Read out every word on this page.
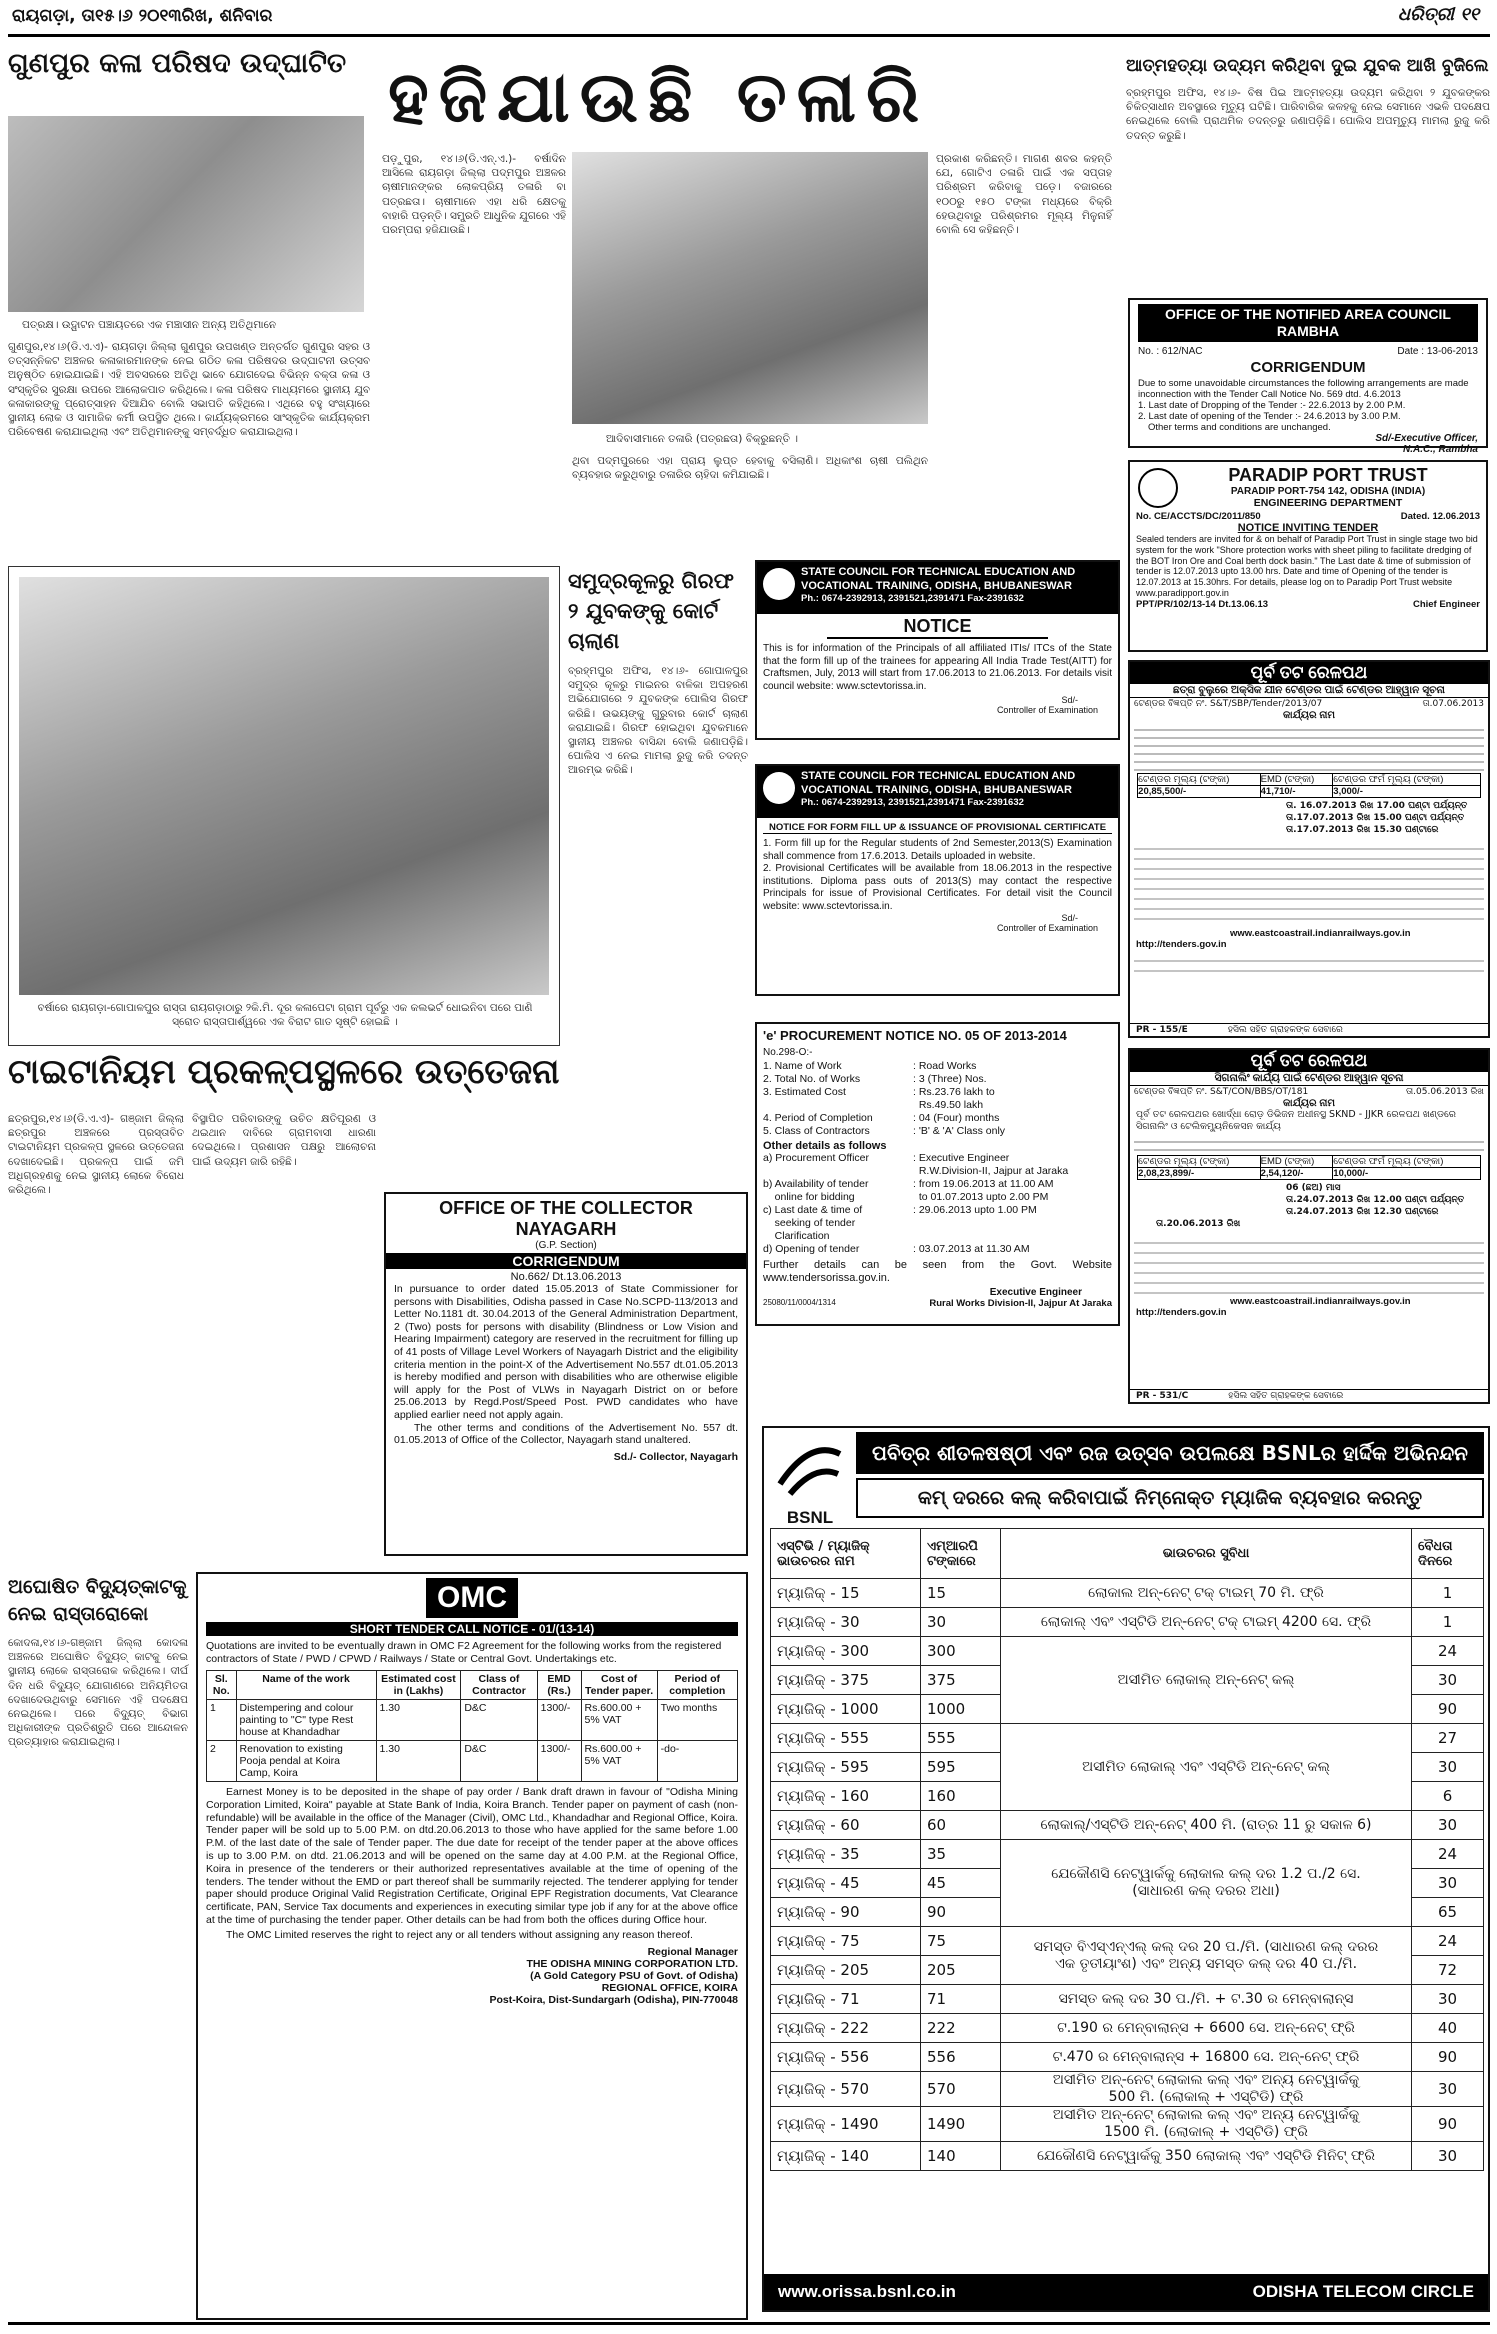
ରାୟଗଡ଼ା, ତା୧୫।୬ ୨୦୧୩ରିଖ, ଶନିବାର	ଧରିତ୍ରୀ ୧୧
ଗୁଣପୁର କଳା ପରିଷଦ ଉଦ୍‌ଘାଟିତ
ପତ୍ରକ୍ଷ। ଉଦ୍ଘାଟନ ପଞ୍ଚାୟତରେ ଏକ ମଞ୍ଚାସୀନ ଅନ୍ୟ ଅତିଥିମାନେ
ଗୁଣପୁର,୧୪।୬(ଡି.ଏ.ଏ)- ରାୟଗଡ଼ା ଜିଲ୍ଲା ଗୁଣପୁର ଉପଖଣ୍ଡ ଅନ୍ତର୍ଗତ ଗୁଣପୁର ସହର ଓ ତତ୍ସନ୍ନିକଟ ଅଞ୍ଚଳର କଳାକାରମାନଙ୍କ ନେଇ ଗଠିତ କଳା ପରିଷଦର ଉଦ୍‌ଘାଟନୀ ଉତ୍ସବ ଅନୁଷ୍ଠିତ ହୋଇଯାଇଛି। ଏହି ଅବସରରେ ଅତିଥି ଭାବେ ଯୋଗଦେଇ ବିଭିନ୍ନ ବକ୍ତା କଳା ଓ ସଂସ୍କୃତିର ସୁରକ୍ଷା ଉପରେ ଆଲୋକପାତ କରିଥିଲେ। କଳା ପରିଷଦ ମାଧ୍ୟମରେ ସ୍ଥାନୀୟ ଯୁବ କଳାକାରଙ୍କୁ ପ୍ରୋତ୍ସାହନ ଦିଆଯିବ ବୋଲି ସଭାପତି କହିଥିଲେ। ଏଥିରେ ବହୁ ସଂଖ୍ୟାରେ ସ୍ଥାନୀୟ ଲୋକ ଓ ସାମାଜିକ କର୍ମୀ ଉପସ୍ଥିତ ଥିଲେ। କାର୍ଯ୍ୟକ୍ରମରେ ସାଂସ୍କୃତିକ କାର୍ଯ୍ୟକ୍ରମ ପରିବେଷଣ କରାଯାଇଥିଲା ଏବଂ ଅତିଥିମାନଙ୍କୁ ସମ୍ବର୍ଦ୍ଧିତ କରାଯାଇଥିଲା।
ହଜିଯାଉଛି ତଳାରି
ପଡ଼ୁପୁର, ୧୪।୬(ଡି.ଏନ୍‌.ଏ.)- ବର୍ଷାଦିନ ଆସିଲେ ରାୟଗଡ଼ା ଜିଲ୍ଲା ପଦ୍ମପୁର ଅଞ୍ଚଳର ଚାଷୀମାନଙ୍କର ଲୋକପ୍ରିୟ ତଳାରି ବା ପତ୍ରଛତା। ଚାଷୀମାନେ ଏହା ଧରି କ୍ଷେତକୁ ବାହାରି ପଡ଼ନ୍ତି। ସମ୍ପ୍ରତି ଆଧୁନିକ ଯୁଗରେ ଏହି ପରମ୍ପରା ହଜିଯାଉଛି।
ଆଦିବାସୀମାନେ ତଳାରି (ପତ୍ରଛତା) ବିକ୍ରୁଛନ୍ତି ।
ପ୍ରକାଶ କରିଛନ୍ତି। ମାଗଣ ଶବର କହନ୍ତି ଯେ, ଗୋଟିଏ ତଳାରି ପାଇଁ ଏକ ସପ୍ତାହ ପରିଶ୍ରମ କରିବାକୁ ପଡ଼େ। ବଜାରରେ ୧୦୦ରୁ ୧୫୦ ଟଙ୍କା ମଧ୍ୟରେ ବିକ୍ରି ହେଉଥିବାରୁ ପରିଶ୍ରମର ମୂଲ୍ୟ ମିଳୁନାହିଁ ବୋଲି ସେ କହିଛନ୍ତି।
ଥିବା ପଦ୍ମପୁରରେ ଏହା ପ୍ରାୟ ଲୁପ୍ତ ହେବାକୁ ବସିଲାଣି। ଅଧିକାଂଶ ଚାଷୀ ପଲିଥିନ ବ୍ୟବହାର କରୁଥିବାରୁ ତଳାରିର ଚାହିଦା କମିଯାଇଛି।
ଆତ୍ମହତ୍ୟା ଉଦ୍ୟମ କରିଥିବା ଦୁଇ ଯୁବକ ଆଖି ବୁଜିଲେ
ବ୍ରହ୍ମପୁର ଅଫିସ, ୧୪।୬- ବିଷ ପିଇ ଆତ୍ମହତ୍ୟା ଉଦ୍ୟମ କରିଥିବା ୨ ଯୁବକଙ୍କର ଚିକିତ୍ସାଧୀନ ଅବସ୍ଥାରେ ମୃତ୍ୟୁ ଘଟିଛି। ପାରିବାରିକ କଳହକୁ ନେଇ ସେମାନେ ଏଭଳି ପଦକ୍ଷେପ ନେଇଥିଲେ ବୋଲି ପ୍ରାଥମିକ ତଦନ୍ତରୁ ଜଣାପଡ଼ିଛି। ପୋଲିସ ଅପମୃତ୍ୟୁ ମାମଲା ରୁଜୁ କରି ତଦନ୍ତ କରୁଛି।
OFFICE OF THE NOTIFIED AREA COUNCIL RAMBHA
No. : 612/NAC	Date : 13-06-2013
CORRIGENDUM
Due to some unavoidable circumstances the following arrangements are made inconnection with the Tender Call Notice No. 569 dtd. 4.6.2013
1. Last date of Dropping of the Tender :- 22.6.2013 by 2.00 P.M.
2. Last date of opening of the Tender :- 24.6.2013 by 3.00 P.M.
Other terms and conditions are unchanged.
Sd/-Executive Officer,
N.A.C., Rambha
PARADIP PORT TRUST
PARADIP PORT-754 142, ODISHA (INDIA)
ENGINEERING DEPARTMENT
No. CE/ACCTS/DC/2011/850	Dated. 12.06.2013
NOTICE INVITING TENDER
Sealed tenders are invited for & on behalf of Paradip Port Trust in single stage two bid system for the work "Shore protection works with sheet piling to facilitate dredging of the BOT Iron Ore and Coal berth dock basin." The Last date & time of submission of tender is 12.07.2013 upto 13.00 hrs. Date and time of Opening of the tender is 12.07.2013 at 15.30hrs. For details, please log on to Paradip Port Trust website www.paradipport.gov.in
PPT/PR/102/13-14 Dt.13.06.13	Chief Engineer
ବର୍ଷାରେ ରାୟଗଡ଼ା-ଗୋପାଳପୁର ରାସ୍ତା ରାୟଗଡ଼ାଠାରୁ ୨କି.ମି. ଦୂର କଳାପେଟା ଗ୍ରାମ ପୂର୍ବରୁ ଏକ କଲଭର୍ଟ ଧୋଇନିବା ପରେ ପାଣି ସ୍ରୋତ ରାସ୍ତାପାର୍ଶ୍ୱରେ ଏକ ବିରାଟ ଗାତ ସୃଷ୍ଟି ହୋଇଛି ।
ସମୁଦ୍ରକୂଳରୁ ଗିରଫ ୨ ଯୁବକଙ୍କୁ କୋର୍ଟ ଚାଲାଣ
ବ୍ରହ୍ମପୁର ଅଫିସ, ୧୪।୬- ଗୋପାଳପୁର ସମୁଦ୍ର କୂଳରୁ ମାଇନର ବାଳିକା ଅପହରଣ ଅଭିଯୋଗରେ ୨ ଯୁବକଙ୍କ ପୋଲିସ ଗିରଫ କରିଛି। ଉଭୟଙ୍କୁ ଗୁରୁବାର କୋର୍ଟ ଚାଲାଣ କରାଯାଇଛି। ଗିରଫ ହୋଇଥିବା ଯୁବକମାନେ ସ୍ଥାନୀୟ ଅଞ୍ଚଳର ବାସିନ୍ଦା ବୋଲି ଜଣାପଡ଼ିଛି। ପୋଲିସ ଏ ନେଇ ମାମଲା ରୁଜୁ କରି ତଦନ୍ତ ଆରମ୍ଭ କରିଛି।
STATE COUNCIL FOR TECHNICAL EDUCATION AND VOCATIONAL TRAINING, ODISHA, BHUBANESWAR
Ph.: 0674-2392913, 2391521,2391471 Fax-2391632
NOTICE
This is for information of the Principals of all affiliated ITIs/ ITCs of the State that the form fill up of the trainees for appearing All India Trade Test(AITT) for Craftsmen, July, 2013 will start from 17.06.2013 to 21.06.2013. For details visit council website: www.sctevtorissa.in.
Sd/-
Controller of Examination
STATE COUNCIL FOR TECHNICAL EDUCATION AND VOCATIONAL TRAINING, ODISHA, BHUBANESWAR
Ph.: 0674-2392913, 2391521,2391471 Fax-2391632
NOTICE FOR FORM FILL UP & ISSUANCE OF PROVISIONAL CERTIFICATE
1. Form fill up for the Regular students of 2nd Semester,2013(S) Examination shall commence from 17.6.2013. Details uploaded in website.
2. Provisional Certificates will be available from 18.06.2013 in the respective institutions. Diploma pass outs of 2013(S) may contact the respective Principals for issue of Provisional Certificates. For detail visit the Council website: www.sctevtorissa.in.
Sd/-
Controller of Examination
'e' PROCUREMENT NOTICE NO. 05 OF 2013-2014
No.298-O:-
1. Name of Work	: Road Works
2. Total No. of Works	: 3 (Three) Nos.
3. Estimated Cost	: Rs.23.76 lakh to
Rs.49.50 lakh
4. Period of Completion	: 04 (Four) months
5. Class of Contractors	: 'B' & 'A' Class only
Other details as follows
a) Procurement Officer	: Executive Engineer
R.W.Division-II, Jajpur at Jaraka
b) Availability of tender	: from 19.06.2013 at 11.00 AM
online for bidding	to 01.07.2013 upto 2.00 PM
c) Last date & time of	: 29.06.2013 upto 1.00 PM
seeking of tender
Clarification
d) Opening of tender	: 03.07.2013 at 11.30 AM
Further details can be seen from the Govt. Website www.tendersorissa.gov.in.
Executive Engineer
25080/11/0004/1314	Rural Works Division-II, Jajpur At Jaraka
ଟାଇଟାନିୟମ ପ୍ରକଳ୍ପସ୍ଥଳରେ ଉତ୍ତେଜନା
ଛତ୍ରପୁର,୧୪।୬(ଡି.ଏ.ଏ)- ଗଞ୍ଜାମ ଜିଲ୍ଲା ଛତ୍ରପୁର ଅଞ୍ଚଳରେ ପ୍ରସ୍ତାବିତ ଟାଇଟାନିୟମ ପ୍ରକଳ୍ପ ସ୍ଥଳରେ ଉତ୍ତେଜନା ଦେଖାଦେଇଛି। ପ୍ରକଳ୍ପ ପାଇଁ ଜମି ଅଧିଗ୍ରହଣକୁ ନେଇ ସ୍ଥାନୀୟ ଲୋକେ ବିରୋଧ କରିଥିଲେ।
ବିସ୍ଥାପିତ ପରିବାରଙ୍କୁ ଉଚିତ କ୍ଷତିପୂରଣ ଓ ଥଇଥାନ ଦାବିରେ ଗ୍ରାମବାସୀ ଧାରଣା ଦେଇଥିଲେ। ପ୍ରଶାସନ ପକ୍ଷରୁ ଆଲୋଚନା ପାଇଁ ଉଦ୍ୟମ ଜାରି ରହିଛି।
OFFICE OF THE COLLECTOR
NAYAGARH
(G.P. Section)
CORRIGENDUM
No.662/ Dt.13.06.2013
In pursuance to order dated 15.05.2013 of State Commissioner for persons with Disabilities, Odisha passed in Case No.SCPD-113/2013 and Letter No.1181 dt. 30.04.2013 of the General Administration Department, 2 (Two) posts for persons with disability (Blindness or Low Vision and Hearing Impairment) category are reserved in the recruitment for filling up of 41 posts of Village Level Workers of Nayagarh District and the eligibility criteria mention in the point-X of the Advertisement No.557 dt.01.05.2013 is hereby modified and person with disabilities who are otherwise eligible will apply for the Post of VLWs in Nayagarh District on or before 25.06.2013 by Regd.Post/Speed Post. PWD candidates who have applied earlier need not apply again.
The other terms and conditions of the Advertisement No. 557 dt. 01.05.2013 of Office of the Collector, Nayagarh stand unaltered.
Sd./- Collector, Nayagarh
ଅଘୋଷିତ ବିଦ୍ୟୁତ୍‌କାଟକୁ ନେଇ ରାସ୍ତାରୋକୋ
କୋଦଳା,୧୪।୬-ଗଞ୍ଜାମ ଜିଲ୍ଲା କୋଦଳା ଅଞ୍ଚଳରେ ଅଘୋଷିତ ବିଦ୍ୟୁତ୍ କାଟକୁ ନେଇ ସ୍ଥାନୀୟ ଲୋକେ ରାସ୍ତାରୋକ କରିଥିଲେ। ଦୀର୍ଘ ଦିନ ଧରି ବିଦ୍ୟୁତ୍ ଯୋଗାଣରେ ଅନିୟମିତତା ଦେଖାଦେଉଥିବାରୁ ସେମାନେ ଏହି ପଦକ୍ଷେପ ନେଇଥିଲେ। ପରେ ବିଦ୍ୟୁତ୍ ବିଭାଗ ଅଧିକାରୀଙ୍କ ପ୍ରତିଶ୍ରୁତି ପରେ ଆନ୍ଦୋଳନ ପ୍ରତ୍ୟାହାର କରାଯାଇଥିଲା।
OMC
SHORT TENDER CALL NOTICE - 01/(13-14)
Quotations are invited to be eventually drawn in OMC F2 Agreement for the following works from the registered contractors of State / PWD / CPWD / Railways / State or Central Govt. Undertakings etc.
Sl. No.	Name of the work	Estimated cost in (Lakhs)	Class of Contractor	EMD (Rs.)	Cost of Tender paper.	Period of completion
1	Distempering and colour painting to "C" type Rest house at Khandadhar	1.30	D&C	1300/-	Rs.600.00 + 5% VAT	Two months
2	Renovation to existing Pooja pendal at Koira Camp, Koira	1.30	D&C	1300/-	Rs.600.00 + 5% VAT	-do-
Earnest Money is to be deposited in the shape of pay order / Bank draft drawn in favour of "Odisha Mining Corporation Limited, Koira" payable at State Bank of India, Koira Branch. Tender paper on payment of cash (non-refundable) will be available in the office of the Manager (Civil), OMC Ltd., Khandadhar and Regional Office, Koira. Tender paper will be sold up to 5.00 P.M. on dtd.20.06.2013 to those who have applied for the same before 1.00 P.M. of the last date of the sale of Tender paper. The due date for receipt of the tender paper at the above offices is up to 3.00 P.M. on dtd. 21.06.2013 and will be opened on the same day at 4.00 P.M. at the Regional Office, Koira in presence of the tenderers or their authorized representatives available at the time of opening of the tenders. The tender without the EMD or part thereof shall be summarily rejected. The tenderer applying for tender paper should produce Original Valid Registration Certificate, Original EPF Registration documents, Vat Clearance certificate, PAN, Service Tax documents and experiences in executing similar type job if any for at the above office at the time of purchasing the tender paper. Other details can be had from both the offices during Office hour.
The OMC Limited reserves the right to reject any or all tenders without assigning any reason thereof.
Regional Manager
THE ODISHA MINING CORPORATION LTD.
(A Gold Category PSU of Govt. of Odisha)
REGIONAL OFFICE, KOIRA
Post-Koira, Dist-Sundargarh (Odisha), PIN-770048
ପୂର୍ବ ତଟ ରେଳପଥ
ଛତ୍ରା ବୁଲୁରେ ଅକ୍ସିକ ଯୀନ ଟେଣ୍ଡର ପାଇଁ ଟେଣ୍ଡର ଆହ୍ୱାନ ସୂଚନା
ଟେଣ୍ଡର ବିଜ୍ଞପ୍ତି ନଂ. S&T/SBP/Tender/2013/07	ତା.07.06.2013
କାର୍ଯ୍ୟର ନାମ
ଟେଣ୍ଡର ମୂଲ୍ୟ (ଟଙ୍କା)	EMD (ଟଙ୍କା)	ଟେଣ୍ଡର ଫର୍ମ ମୂଲ୍ୟ (ଟଙ୍କା)
20,85,500/-	41,710/-	3,000/-
ତା. 16.07.2013 ରିଖ 17.00 ଘଣ୍ଟା ପର୍ଯ୍ୟନ୍ତ
ତା.17.07.2013 ରିଖ 15.00 ଘଣ୍ଟା ପର୍ଯ୍ୟନ୍ତ
ତା.17.07.2013 ରିଖ 15.30 ଘଣ୍ଟାରେ
www.eastcoastrail.indianrailways.gov.in
http://tenders.gov.in
PR - 155/E	ହସିଲ ସହିତ ଗ୍ରାହକଙ୍କ ସେବାରେ
ପୂର୍ବ ତଟ ରେଳପଥ
ସିଗନାଲିଂ କାର୍ଯ୍ୟ ପାଇଁ ଟେଣ୍ଡର ଆହ୍ୱାନ ସୂଚନା
ଟେଣ୍ଡର ବିଜ୍ଞପ୍ତି ନଂ. S&T/CON/BBS/OT/181	ତା.05.06.2013 ରିଖ
କାର୍ଯ୍ୟର ନାମ
ପୂର୍ବ ତଟ ରେଳପଥର ଖୋର୍ଦ୍ଧା ରୋଡ଼ ଡିଭିଜନ ଅଧୀନସ୍ଥ SKND - JJKR ରେଳପଥ ଖଣ୍ଡରେ ସିଗନାଲିଂ ଓ ଟେଲିକମ୍ୟୁନିକେସନ କାର୍ଯ୍ୟ
ଟେଣ୍ଡର ମୂଲ୍ୟ (ଟଙ୍କା)	EMD (ଟଙ୍କା)	ଟେଣ୍ଡର ଫର୍ମ ମୂଲ୍ୟ (ଟଙ୍କା)
2,08,23,899/-	2,54,120/-	10,000/-
06 (ଛଅ) ମାସ
ତା.24.07.2013 ରିଖ 12.00 ଘଣ୍ଟା ପର୍ଯ୍ୟନ୍ତ
ତା.24.07.2013 ରିଖ 12.30 ଘଣ୍ଟାରେ
ତା.20.06.2013 ରିଖ
www.eastcoastrail.indianrailways.gov.in
http://tenders.gov.in
PR - 531/C	ହସିଲ ସହିତ ଗ୍ରାହକଙ୍କ ସେବାରେ
BSNL
ପବିତ୍ର ଶୀତଳଷଷ୍ଠୀ ଏବଂ ରଜ ଉତ୍ସବ ଉପଲକ୍ଷେ BSNLର ହାର୍ଦ୍ଦିକ ଅଭିନନ୍ଦନ
କମ୍ ଦରରେ କଲ୍ କରିବାପାଇଁ ନିମ୍ନୋକ୍ତ ମ୍ୟାଜିକ ବ୍ୟବହାର କରନ୍ତୁ
ଏସ୍‌ଟିଭି / ମ୍ୟାଜିକ୍ ଭାଉଚରର ନାମ	ଏମ୍‌ଆରପି ଟଙ୍କାରେ	ଭାଉଚରର ସୁବିଧା	ବୈଧତା ଦିନରେ
ମ୍ୟାଜିକ୍ - 15	15	ଲୋକାଲ ଅନ୍-ନେଟ୍ ଟକ୍ ଟାଇମ୍ 70 ମି. ଫ୍ରି	1
ମ୍ୟାଜିକ୍ - 30	30	ଲୋକାଲ୍ ଏବଂ ଏସ୍‌ଟିଡି ଅନ୍-ନେଟ୍ ଟକ୍ ଟାଇମ୍ 4200 ସେ. ଫ୍ରି	1
ମ୍ୟାଜିକ୍ - 300	300	ଅସୀମିତ ଲୋକାଲ୍ ଅନ୍-ନେଟ୍ କଲ୍	24
ମ୍ୟାଜିକ୍ - 375	375		30
ମ୍ୟାଜିକ୍ - 1000	1000		90
ମ୍ୟାଜିକ୍ - 555	555	ଅସୀମିତ ଲୋକାଲ୍ ଏବଂ ଏସ୍‌ଟିଡି ଅନ୍-ନେଟ୍ କଲ୍	27
ମ୍ୟାଜିକ୍ - 595	595		30
ମ୍ୟାଜିକ୍ - 160	160		6
ମ୍ୟାଜିକ୍ - 60	60	ଲୋକାଲ୍/ଏସ୍‌ଟିଡି ଅନ୍-ନେଟ୍ 400 ମି. (ରାତ୍ର 11 ରୁ ସକାଳ 6)	30
ମ୍ୟାଜିକ୍ - 35	35	ଯେକୌଣସି ନେଟ୍‌ୱାର୍କକୁ ଲୋକାଲ କଲ୍ ଦର 1.2 ପ./2 ସେ.
(ସାଧାରଣ କଲ୍ ଦରର ଅଧା)	24
ମ୍ୟାଜିକ୍ - 45	45		30
ମ୍ୟାଜିକ୍ - 90	90		65
ମ୍ୟାଜିକ୍ - 75	75	ସମସ୍ତ ବିଏସ୍‌ଏନ୍‌ଏଲ୍ କଲ୍ ଦର 20 ପ./ମି. (ସାଧାରଣ କଲ୍ ଦରର
ଏକ ତୃତୀୟାଂଶ) ଏବଂ ଅନ୍ୟ ସମସ୍ତ କଲ୍ ଦର 40 ପ./ମି.	24
ମ୍ୟାଜିକ୍ - 205	205		72
ମ୍ୟାଜିକ୍ - 71	71	ସମସ୍ତ କଲ୍ ଦର 30 ପ./ମି. + ଟ.30 ର ମେନ୍‌ବାଲାନ୍ସ	30
ମ୍ୟାଜିକ୍ - 222	222	ଟ.190 ର ମେନ୍‌ବାଲାନ୍ସ + 6600 ସେ. ଅନ୍-ନେଟ୍ ଫ୍ରି	40
ମ୍ୟାଜିକ୍ - 556	556	ଟ.470 ର ମେନ୍‌ବାଲାନ୍ସ + 16800 ସେ. ଅନ୍-ନେଟ୍ ଫ୍ରି	90
ମ୍ୟାଜିକ୍ - 570	570	ଅସୀମିତ ଅନ୍-ନେଟ୍ ଲୋକାଲ କଲ୍ ଏବଂ ଅନ୍ୟ ନେଟ୍‌ୱାର୍କକୁ
500 ମି. (ଲୋକାଲ୍ + ଏସ୍‌ଟିଡି) ଫ୍ରି	30
ମ୍ୟାଜିକ୍ - 1490	1490	ଅସୀମିତ ଅନ୍-ନେଟ୍ ଲୋକାଲ କଲ୍ ଏବଂ ଅନ୍ୟ ନେଟ୍‌ୱାର୍କକୁ
1500 ମି. (ଲୋକାଲ୍ + ଏସ୍‌ଟିଡି) ଫ୍ରି	90
ମ୍ୟାଜିକ୍ - 140	140	ଯେକୌଣସି ନେଟ୍‌ୱାର୍କକୁ 350 ଲୋକାଲ୍ ଏବଂ ଏସ୍‌ଟିଡି ମିନିଟ୍ ଫ୍ରି	30
www.orissa.bsnl.co.in	ODISHA TELECOM CIRCLE
